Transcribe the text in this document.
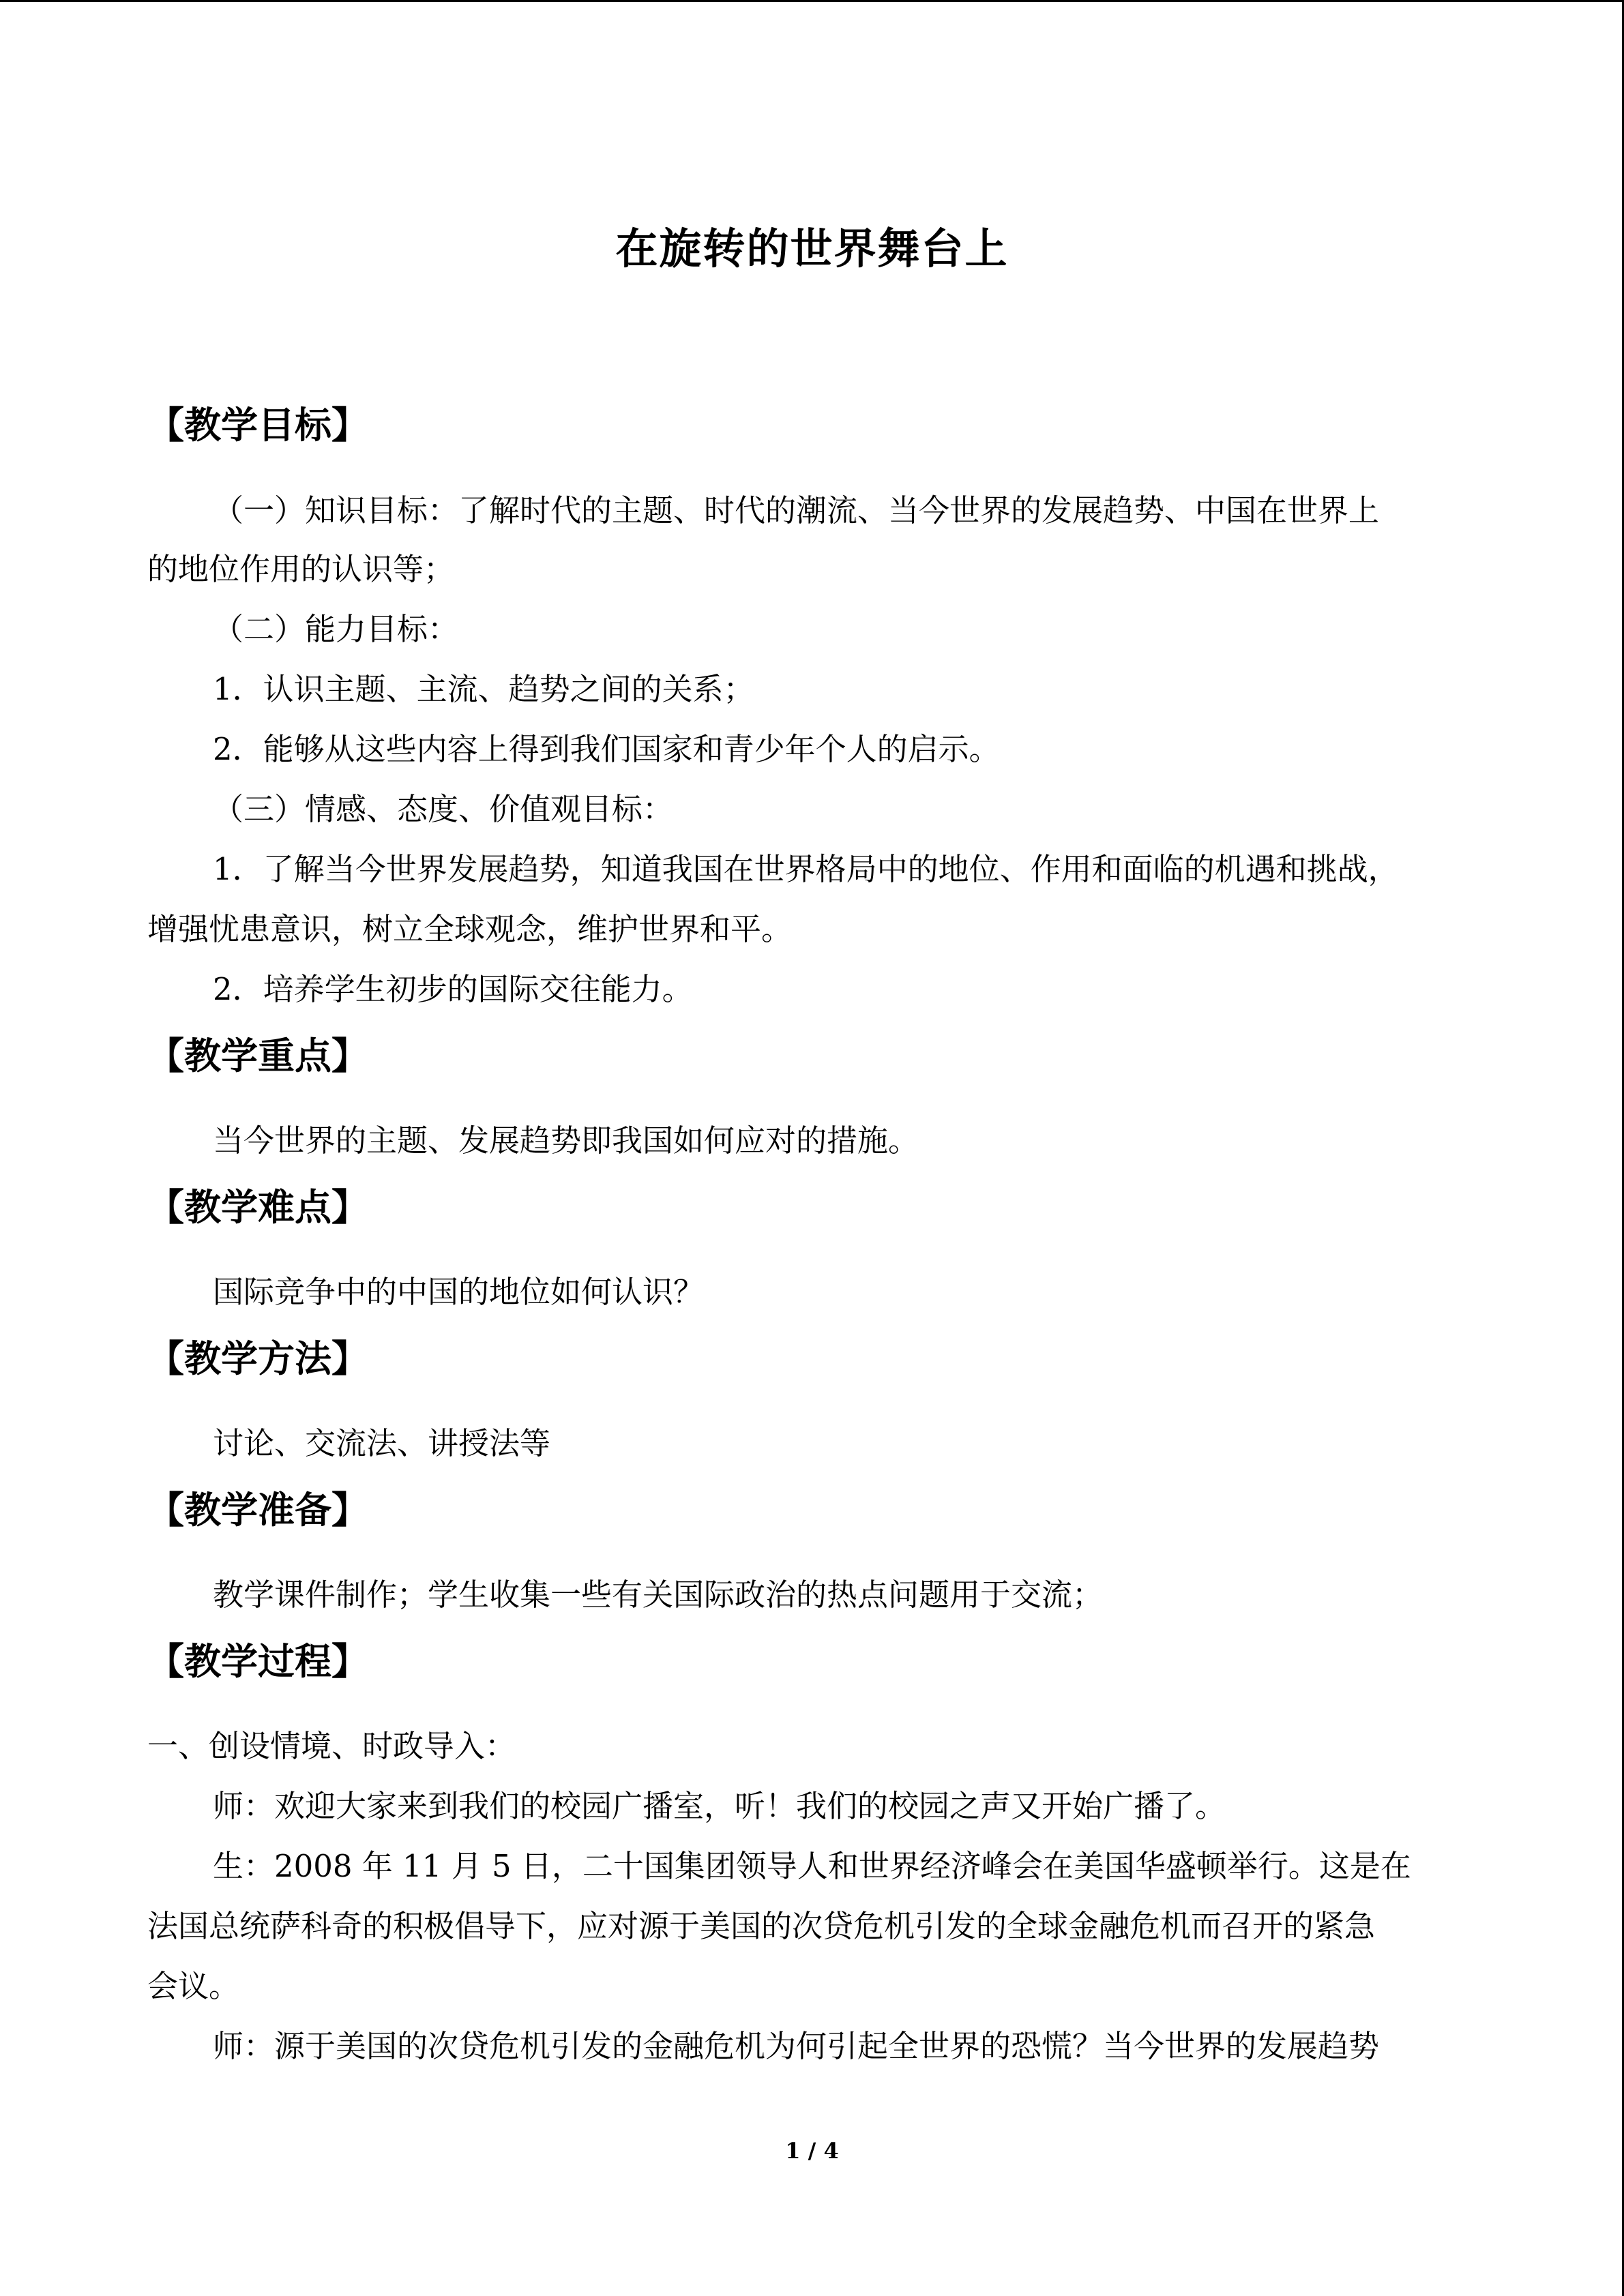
在旋转的世界舞台上
【教学目标】
（一）知识目标：了解时代的主题、时代的潮流、当今世界的发展趋势、中国在世界上
的地位作用的认识等；
（二）能力目标：
1．认识主题、主流、趋势之间的关系；
2．能够从这些内容上得到我们国家和青少年个人的启示。
（三）情感、态度、价值观目标：
1．了解当今世界发展趋势，知道我国在世界格局中的地位、作用和面临的机遇和挑战，
增强忧患意识，树立全球观念，维护世界和平。
2．培养学生初步的国际交往能力。
【教学重点】
当今世界的主题、发展趋势即我国如何应对的措施。
【教学难点】
国际竞争中的中国的地位如何认识？
【教学方法】
讨论、交流法、讲授法等
【教学准备】
教学课件制作；学生收集一些有关国际政治的热点问题用于交流；
【教学过程】
一、创设情境、时政导入：
师：欢迎大家来到我们的校园广播室，听！我们的校园之声又开始广播了。
生：2008 年 11 月 5 日，二十国集团领导人和世界经济峰会在美国华盛顿举行。这是在
法国总统萨科奇的积极倡导下，应对源于美国的次贷危机引发的全球金融危机而召开的紧急
会议。
师：源于美国的次贷危机引发的金融危机为何引起全世界的恐慌？当今世界的发展趋势
1 / 4
